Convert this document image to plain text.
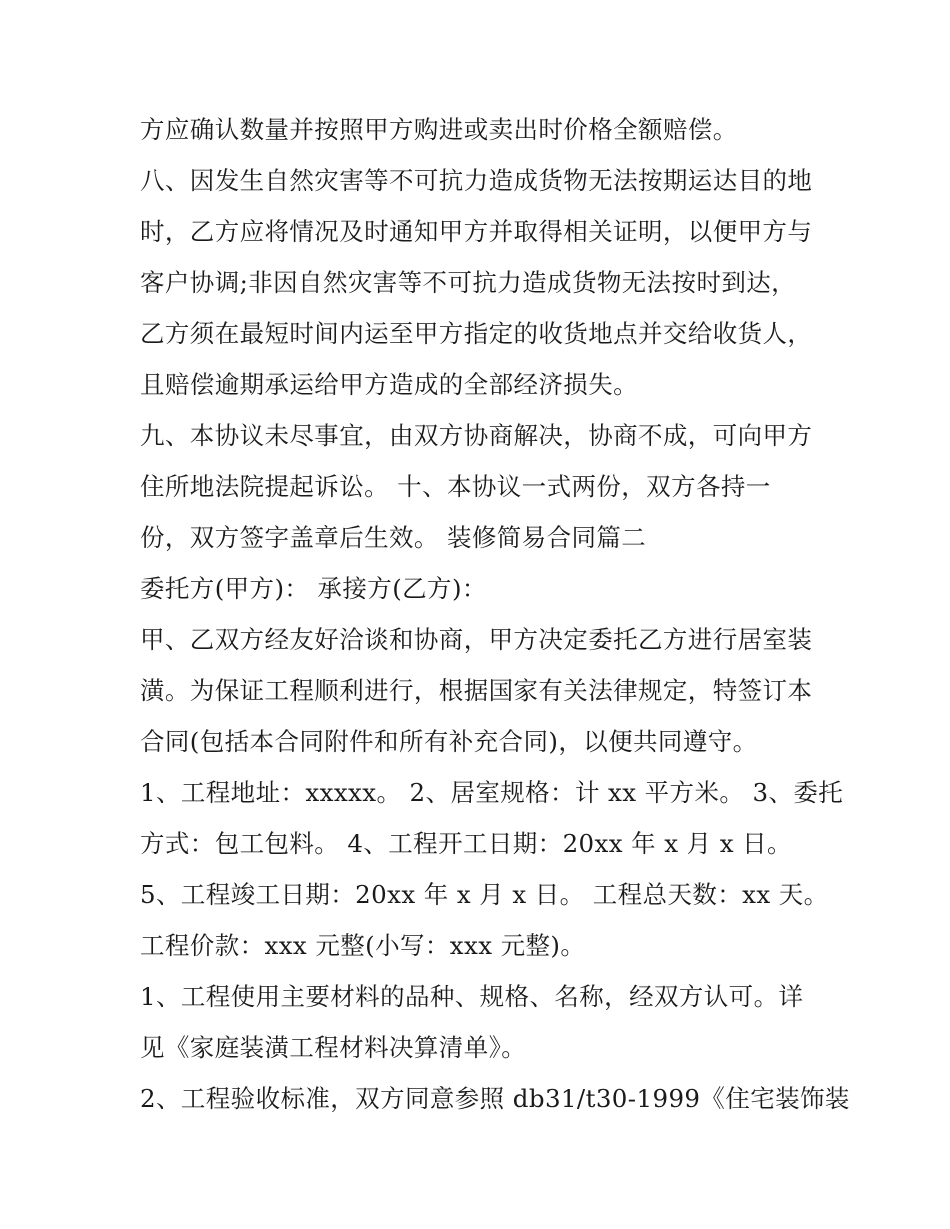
方应确认数量并按照甲方购进或卖出时价格全额赔偿。
八、因发生自然灾害等不可抗力造成货物无法按期运达目的地
时，乙方应将情况及时通知甲方并取得相关证明，以便甲方与
客户协调;非因自然灾害等不可抗力造成货物无法按时到达，
乙方须在最短时间内运至甲方指定的收货地点并交给收货人，
且赔偿逾期承运给甲方造成的全部经济损失。
九、本协议未尽事宜，由双方协商解决，协商不成，可向甲方
住所地法院提起诉讼。 十、本协议一式两份，双方各持一
份，双方签字盖章后生效。 装修简易合同篇二
委托方(甲方)： 承接方(乙方)：
甲、乙双方经友好洽谈和协商，甲方决定委托乙方进行居室装
潢。为保证工程顺利进行，根据国家有关法律规定，特签订本
合同(包括本合同附件和所有补充合同)，以便共同遵守。
1、工程地址：xxxxx。 2、居室规格：计 xx 平方米。 3、委托
方式：包工包料。 4、工程开工日期：20xx 年 x 月 x 日。
5、工程竣工日期：20xx 年 x 月 x 日。 工程总天数：xx 天。
工程价款：xxx 元整(小写：xxx 元整)。
1、工程使用主要材料的品种、规格、名称，经双方认可。详
见《家庭装潢工程材料决算清单》。
2、工程验收标准，双方同意参照 db31/t30-1999《住宅装饰装
